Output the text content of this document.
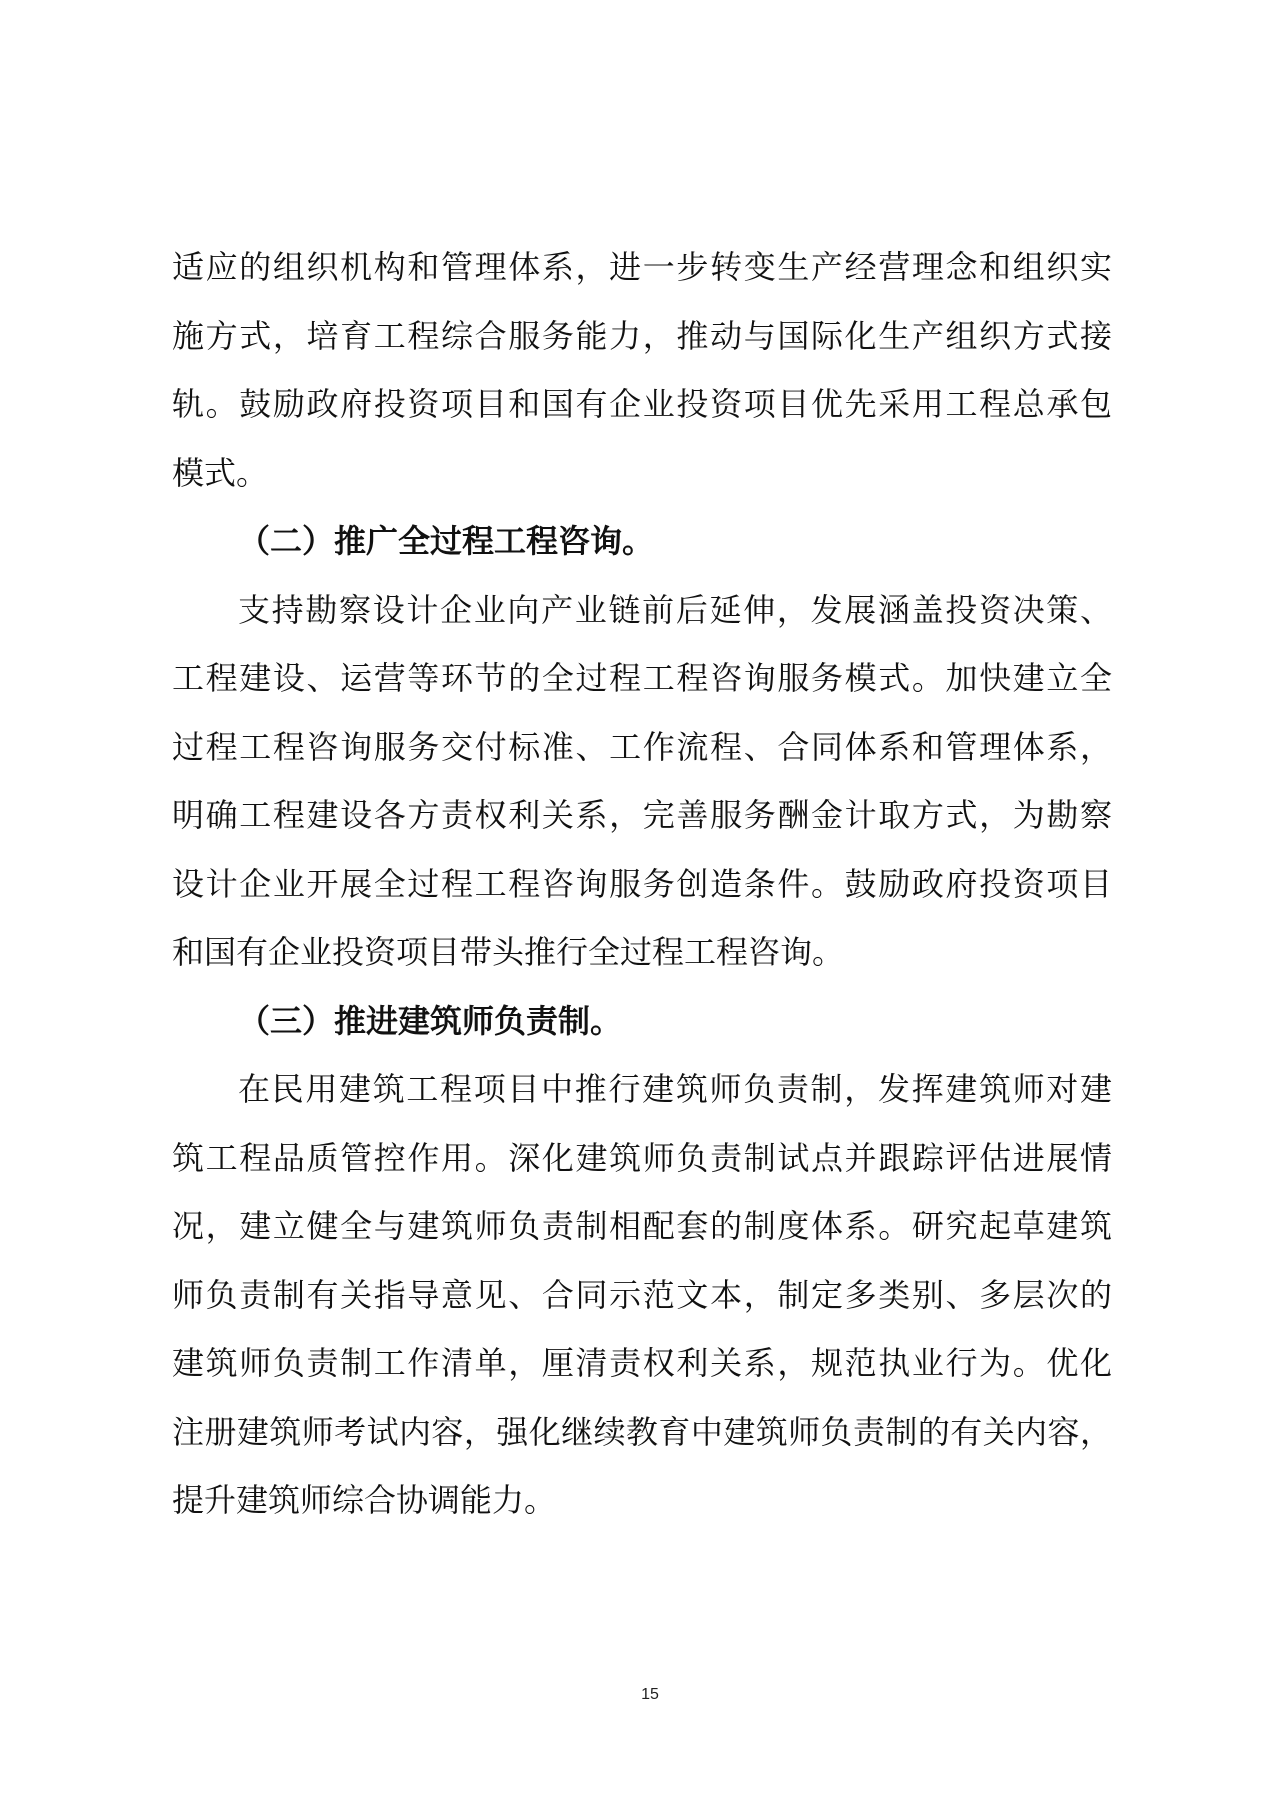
适应的组织机构和管理体系，进一步转变生产经营理念和组织实
施方式，培育工程综合服务能力，推动与国际化生产组织方式接
轨。鼓励政府投资项目和国有企业投资项目优先采用工程总承包
模式。
（二）推广全过程工程咨询。
支持勘察设计企业向产业链前后延伸，发展涵盖投资决策、
工程建设、运营等环节的全过程工程咨询服务模式。加快建立全
过程工程咨询服务交付标准、工作流程、合同体系和管理体系，
明确工程建设各方责权利关系，完善服务酬金计取方式，为勘察
设计企业开展全过程工程咨询服务创造条件。鼓励政府投资项目
和国有企业投资项目带头推行全过程工程咨询。
（三）推进建筑师负责制。
在民用建筑工程项目中推行建筑师负责制，发挥建筑师对建
筑工程品质管控作用。深化建筑师负责制试点并跟踪评估进展情
况，建立健全与建筑师负责制相配套的制度体系。研究起草建筑
师负责制有关指导意见、合同示范文本，制定多类别、多层次的
建筑师负责制工作清单，厘清责权利关系，规范执业行为。优化
注册建筑师考试内容，强化继续教育中建筑师负责制的有关内容，
提升建筑师综合协调能力。
15
